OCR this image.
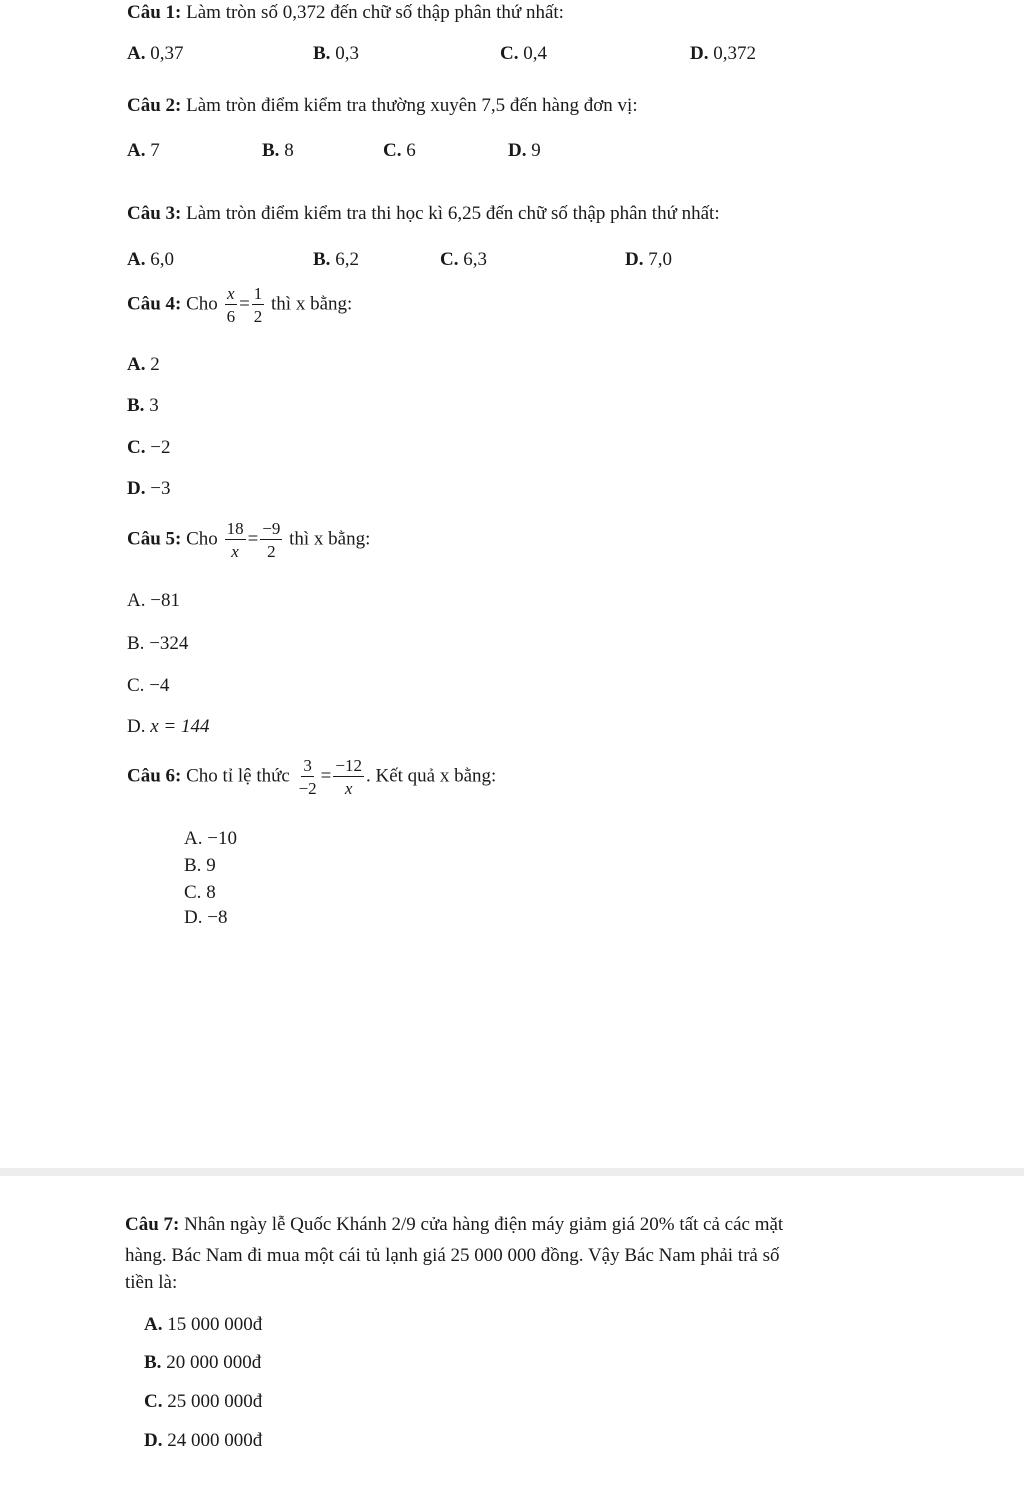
Câu 1: Làm tròn số 0,372 đến chữ số thập phân thứ nhất:
A. 0,37	B. 0,3	C. 0,4	D. 0,372
Câu 2: Làm tròn điểm kiểm tra thường xuyên 7,5 đến hàng đơn vị:
A. 7	B. 8	C. 6	D. 9
Câu 3: Làm tròn điểm kiểm tra thi học kì 6,25 đến chữ số thập phân thứ nhất:
A. 6,0	B. 6,2	C. 6,3	D. 7,0
Câu 4: Cho $\frac{x}{6} = \frac{1}{2}$ thì x bằng:
A. 2
B. 3
C. −2
D. −3
Câu 5: Cho $\frac{18}{x} = \frac{-9}{2}$ thì x bằng:
A. −81
B. −324
C. −4
D. x = 144
Câu 6: Cho tỉ lệ thức $\frac{3}{-2} = \frac{-12}{x}$ . Kết quả x bằng:
A. −10
B. 9
C. 8
D. −8
Câu 7: Nhân ngày lễ Quốc Khánh 2/9 cửa hàng điện máy giảm giá 20% tất cả các mặt
hàng. Bác Nam đi mua một cái tủ lạnh giá 25 000 000 đồng. Vậy Bác Nam phải trả số
tiền là:
A. 15 000 000đ
B. 20 000 000đ
C. 25 000 000đ
D. 24 000 000đ
